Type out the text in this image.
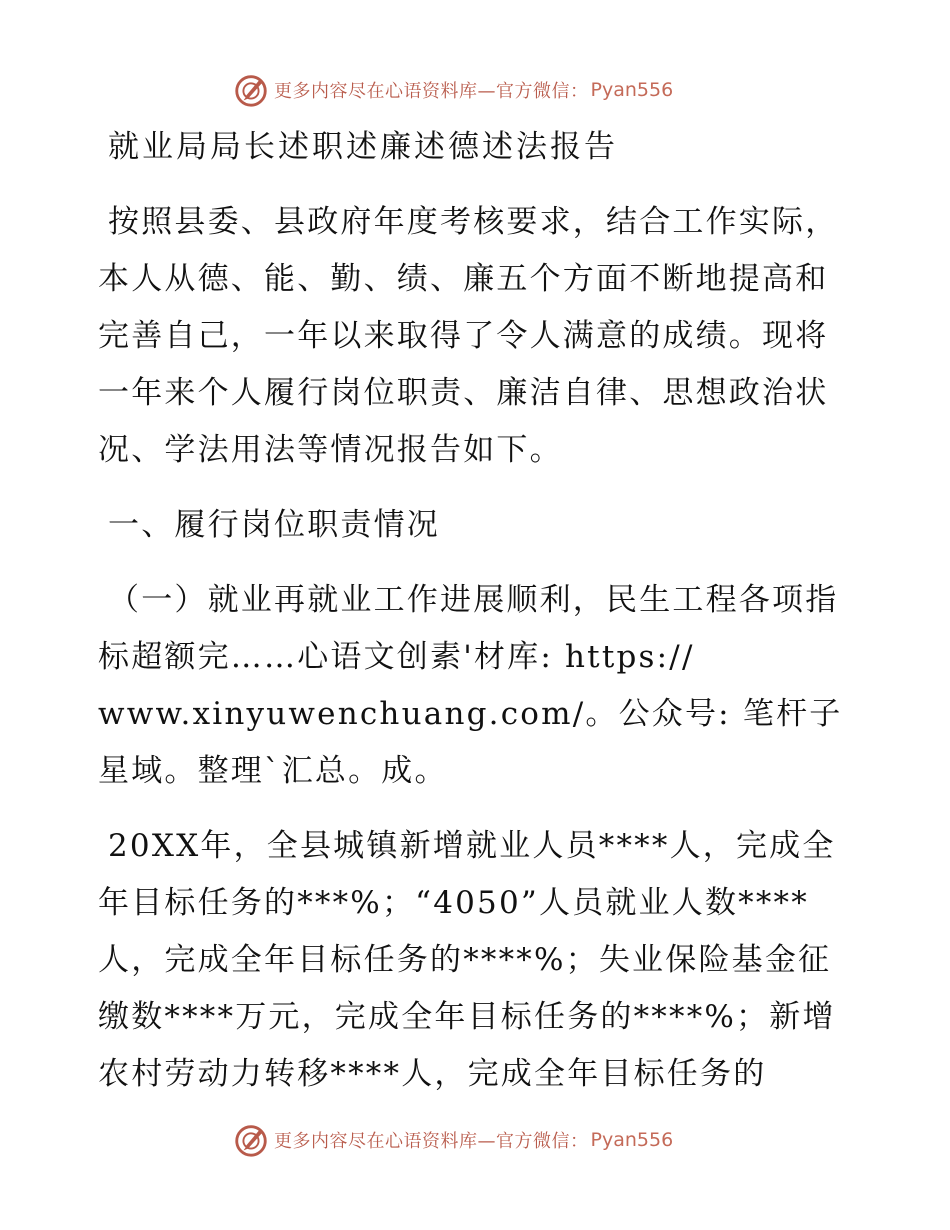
更多内容尽在心语资料库—官方微信： Pyan556
就业局局长述职述廉述德述法报告

按照县委、县政府年度考核要求，结合工作实际，本人从德、能、勤、绩、廉五个方面不断地提高和完善自己，一年以来取得了令人满意的成绩。现将一年来个人履行岗位职责、廉洁自律、思想政治状况、学法用法等情况报告如下。

一、履行岗位职责情况

（一）就业再就业工作进展顺利，民生工程各项指标超额完……心语文创素'材库: https:// www.xinyuwenchuang.com/。公众号: 笔杆子星域。整理`汇总。成。

20XX年，全县城镇新增就业人员****人，完成全年目标任务的***%；“4050”人员就业人数****人，完成全年目标任务的****%；失业保险基金征缴数****万元，完成全年目标任务的****%；新增农村劳动力转移****人，完成全年目标任务的

更多内容尽在心语资料库—官方微信： Pyan556
